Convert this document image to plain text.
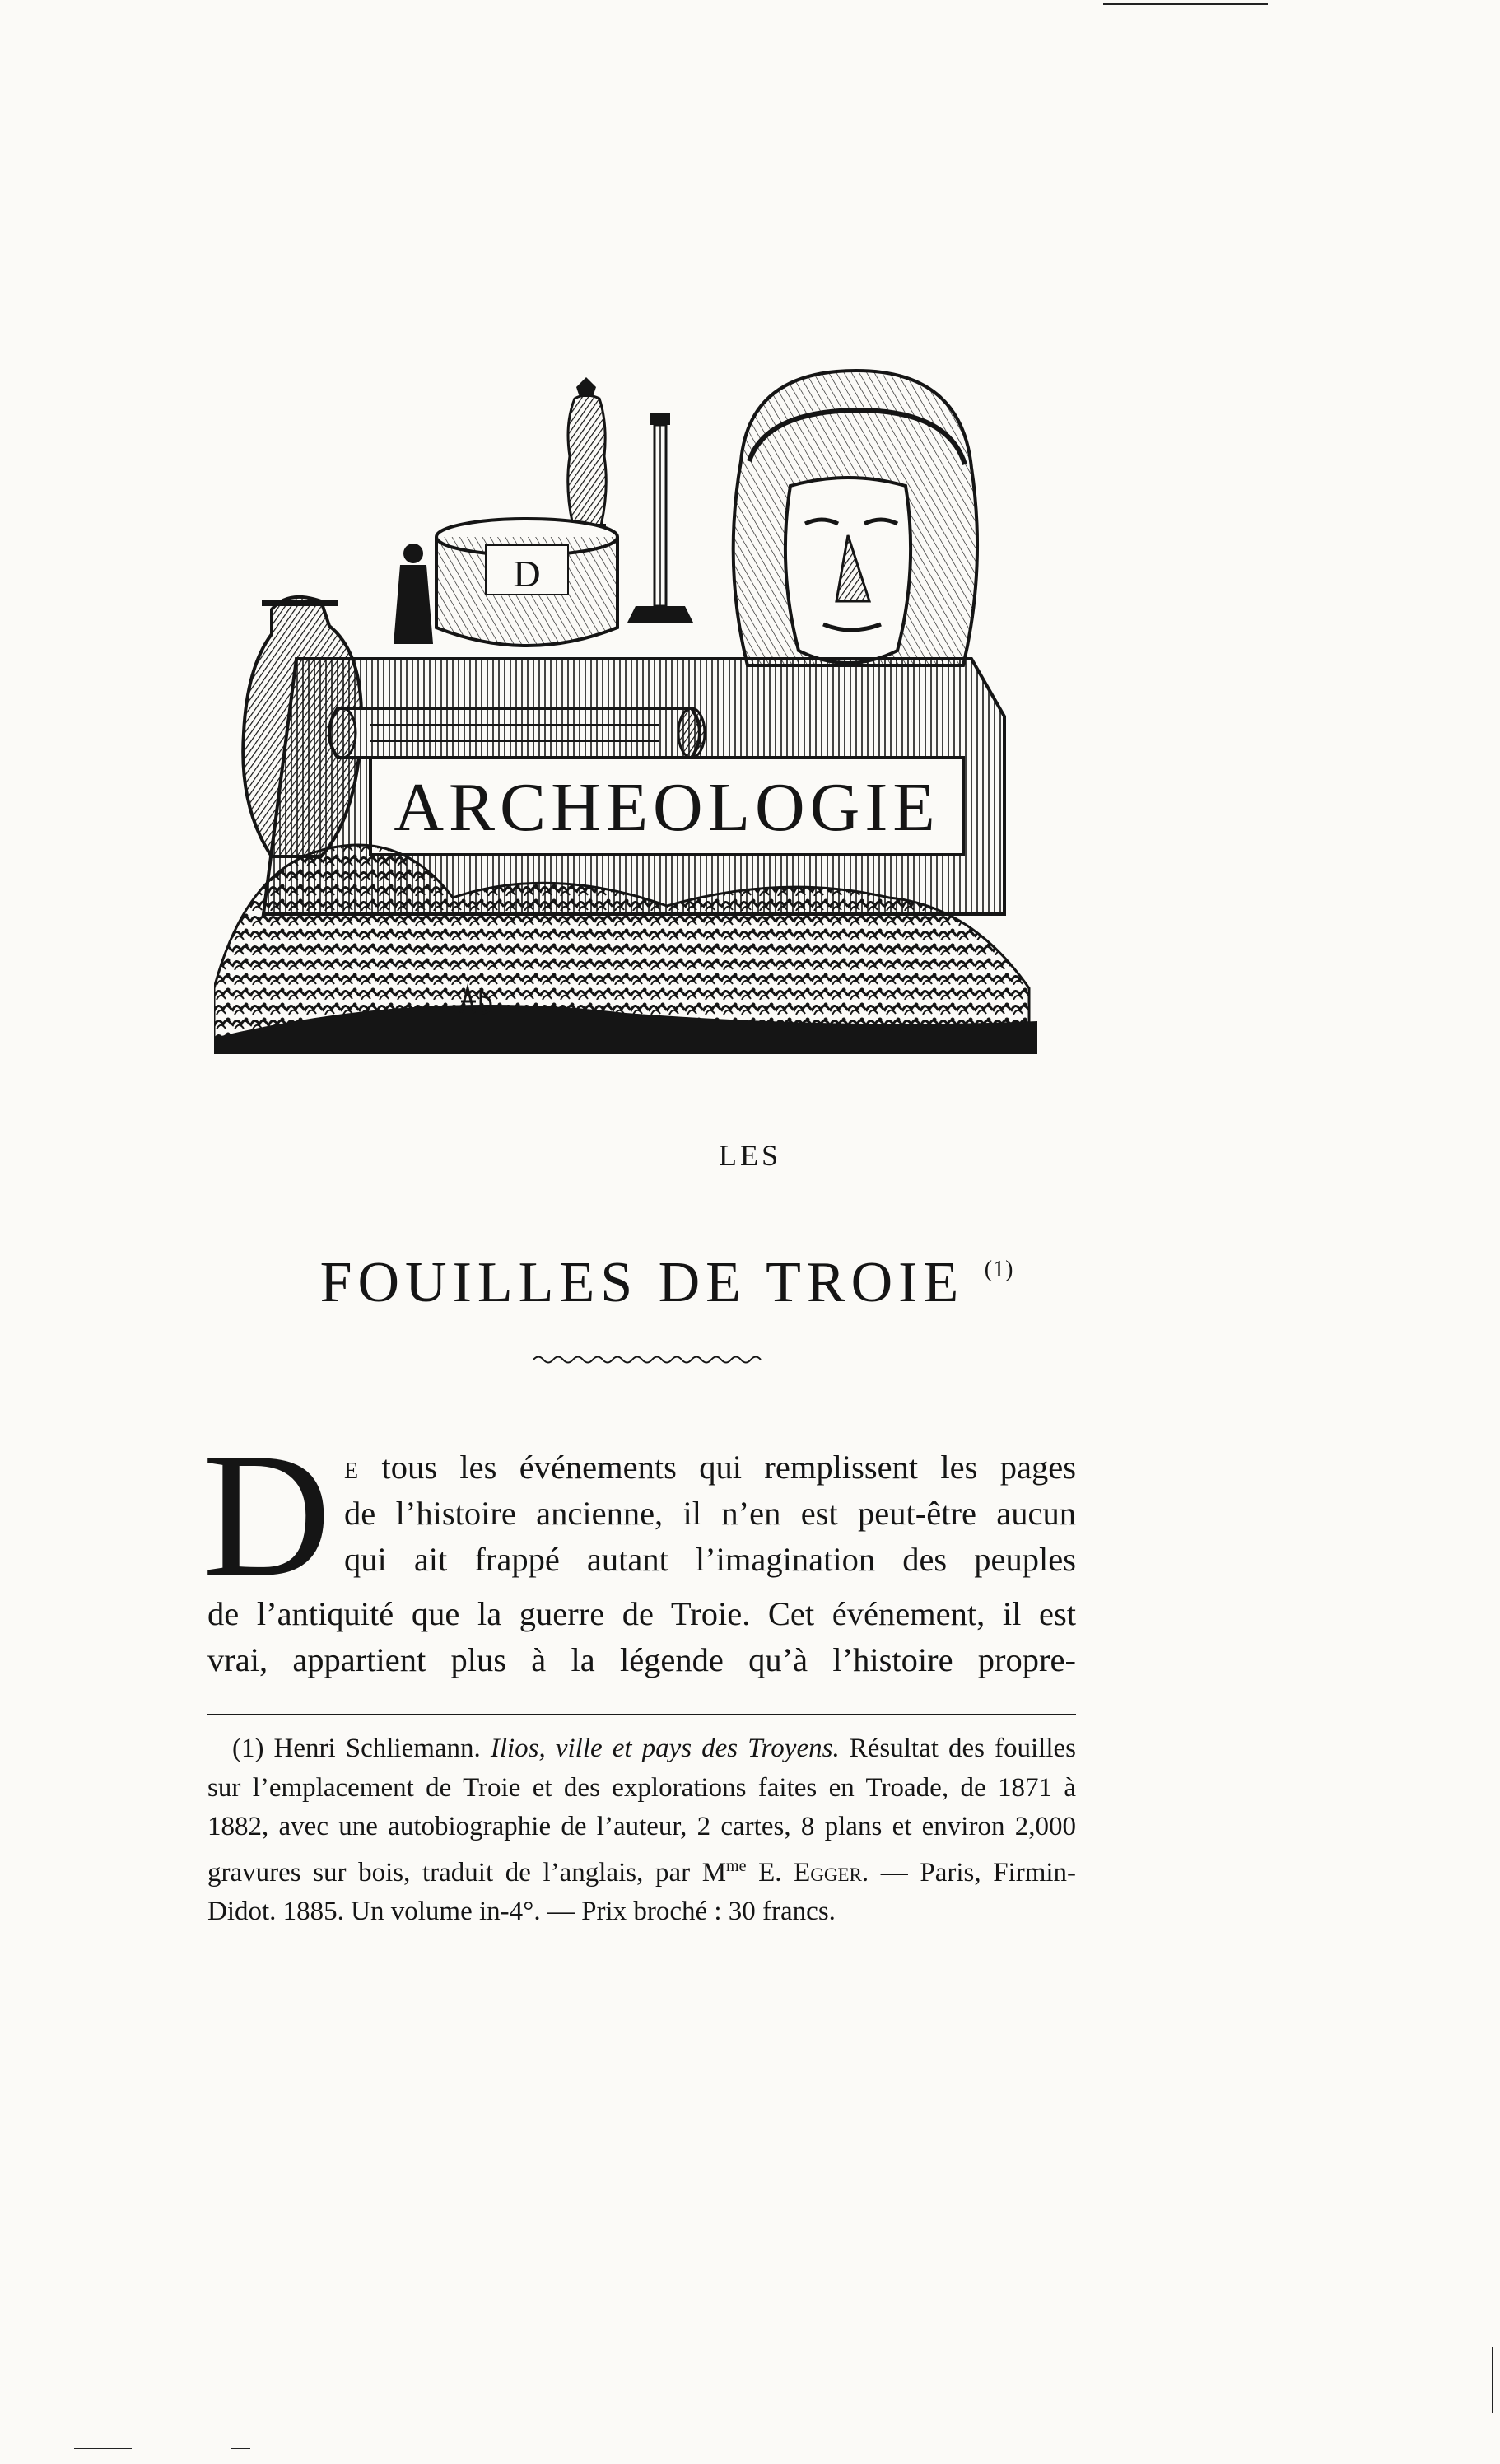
D
ARCHEOLOGIE
LES
FOUILLES DE TROIE $^{(1)}$
D e tous les événements qui remplissent les pages
de l’histoire ancienne, il n’en est peut-être aucun
qui ait frappé autant l’imagination des peuples
de l’antiquité que la guerre de Troie. Cet événement, il est
vrai, appartient plus à la légende qu’à l’histoire propre-

(1) Henri Schliemann. Ilios, ville et pays des Troyens. Résultat des fouilles sur l’emplacement de Troie et des explorations faites en Troade, de 1871 à 1882, avec une autobiographie de l’auteur, 2 cartes, 8 plans et environ 2,000 gravures sur bois, traduit de l’anglais, par $M^{me}$ E. Egger. — Paris, Firmin-Didot. 1885. Un volume in-4°. — Prix broché : 30 francs.
